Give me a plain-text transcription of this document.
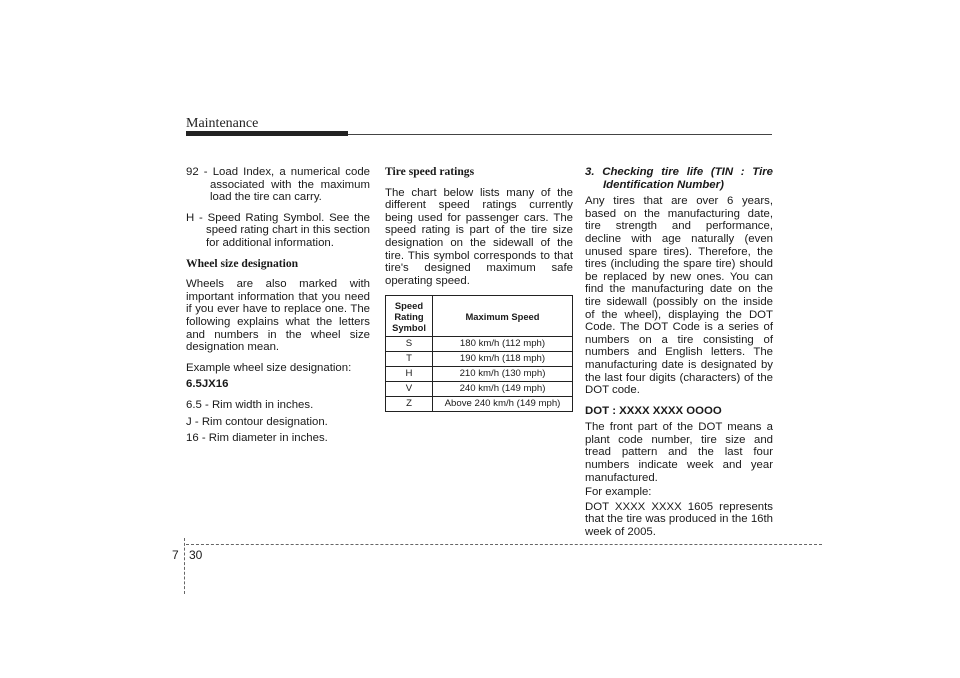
Maintenance

92 - Load Index, a numerical code associated with the maximum load the tire can carry.

H - Speed Rating Symbol. See the speed rating chart in this section for additional information.

Wheel size designation

Wheels are also marked with important information that you need if you ever have to replace one. The following explains what the letters and numbers in the wheel size designation mean.

Example wheel size designation:

6.5JX16

6.5 - Rim width in inches.

J - Rim contour designation.

16 - Rim diameter in inches.

Tire speed ratings

The chart below lists many of the different speed ratings currently being used for passenger cars. The speed rating is part of the tire size designation on the sidewall of the tire. This symbol corresponds to that tire's designed maximum safe operating speed.

Speed Rating Symbol	Maximum Speed
S	180 km/h (112 mph)
T	190 km/h (118 mph)
H	210 km/h (130 mph)
V	240 km/h (149 mph)
Z	Above 240 km/h (149 mph)

3. Checking tire life (TIN : Tire Identification Number)

Any tires that are over 6 years, based on the manufacturing date, tire strength and performance, decline with age naturally (even unused spare tires). Therefore, the tires (including the spare tire) should be replaced by new ones. You can find the manufacturing date on the tire sidewall (possibly on the inside of the wheel), displaying the DOT Code. The DOT Code is a series of numbers on a tire consisting of numbers and English letters. The manufacturing date is designated by the last four digits (characters) of the DOT code.

DOT : XXXX XXXX OOOO

The front part of the DOT means a plant code number, tire size and tread pattern and the last four numbers indicate week and year manufactured.

For example:

DOT XXXX XXXX 1605 represents that the tire was produced in the 16th week of 2005.

7 30
